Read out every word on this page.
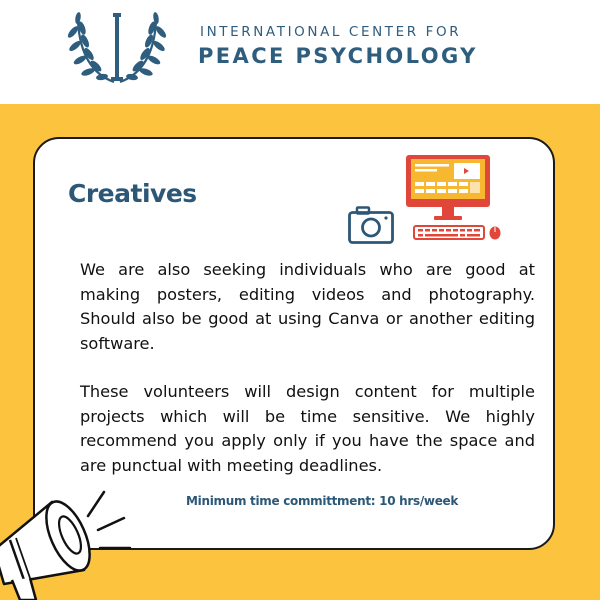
INTERNATIONAL CENTER FOR
PEACE PSYCHOLOGY
Creatives

We are also seeking individuals who are good at making posters, editing videos and photography. Should also be good at using Canva or another editing software.

These volunteers will design content for multiple projects which will be time sensitive. We highly recommend you apply only if you have the space and are punctual with meeting deadlines.

Minimum time committment: 10 hrs/week
